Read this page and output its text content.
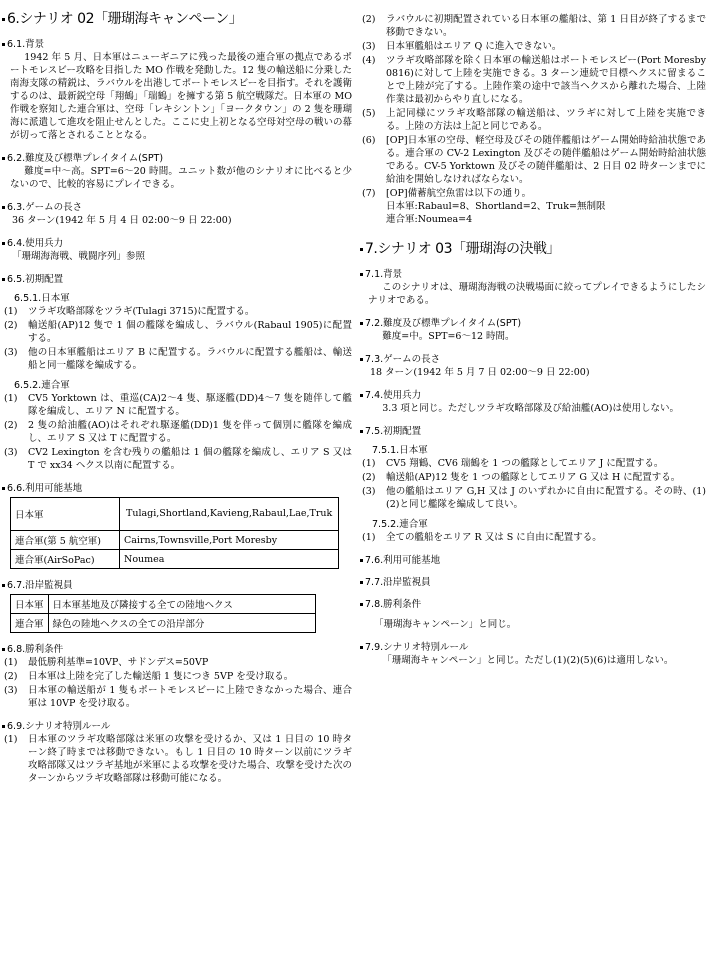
6.シナリオ 02「珊瑚海キャンペーン」
6.1.背景

1942 年 5 月、日本軍はニューギニアに残った最後の連合軍の拠点であるポートモレスビー攻略を目指した MO 作戦を発動した。12 隻の輸送船に分乗した南海支隊の精鋭は、ラバウルを出港してポートモレスビーを目指す。それを護衛するのは、最新鋭空母「翔鶴」「瑞鶴」を擁する第 5 航空戦隊だ。日本軍の MO 作戦を察知した連合軍は、空母「レキシントン」「ヨークタウン」の 2 隻を珊瑚海に派遣して進攻を阻止せんとした。ここに史上初となる空母対空母の戦いの幕が切って落とされることとなる。

6.2.難度及び標準プレイタイム(SPT)

難度=中～高。SPT=6～20 時間。ユニット数が他のシナリオに比べると少ないので、比較的容易にプレイできる。

6.3.ゲームの長さ

36 ターン(1942 年 5 月 4 日 02:00～9 日 22:00)

6.4.使用兵力

「珊瑚海海戦、戦闘序列」参照

6.5.初期配置
6.5.1.日本軍
(1) ツラギ攻略部隊をツラギ(Tulagi 3715)に配置する。
(2) 輸送船(AP)12 隻で 1 個の艦隊を編成し、ラバウル(Rabaul 1905)に配置する。
(3) 他の日本軍艦船はエリア B に配置する。ラバウルに配置する艦船は、輸送船と同一艦隊を編成する。
6.5.2.連合軍
(1) CV5 Yorktown は、重巡(CA)2～4 隻、駆逐艦(DD)4～7 隻を随伴して艦隊を編成し、エリア N に配置する。
(2) 2 隻の給油艦(AO)はそれぞれ駆逐艦(DD)1 隻を伴って個別に艦隊を編成し、エリア S 又は T に配置する。
(3) CV2 Lexington を含む残りの艦船は 1 個の艦隊を編成し、エリア S 又は T で xx34 ヘクス以南に配置する。
6.6.利用可能基地
日本軍	Tulagi,Shortland,Kavieng,Rabaul,Lae,Truk
連合軍(第 5 航空軍)	Cairns,Townsville,Port Moresby
連合軍(AirSoPac)	Noumea
6.7.沿岸監視員
日本軍	日本軍基地及び隣接する全ての陸地ヘクス
連合軍	緑色の陸地ヘクスの全ての沿岸部分
6.8.勝利条件
(1) 最低勝利基準=10VP、サドンデス=50VP
(2) 日本軍は上陸を完了した輸送船 1 隻につき 5VP を受け取る。
(3) 日本軍の輸送船が 1 隻もポートモレスビーに上陸できなかった場合、連合軍は 10VP を受け取る。
6.9.シナリオ特別ルール
(1) 日本軍のツラギ攻略部隊は米軍の攻撃を受けるか、又は 1 日目の 10 時ターン終了時までは移動できない。もし 1 日目の 10 時ターン以前にツラギ攻略部隊又はツラギ基地が米軍による攻撃を受けた場合、攻撃を受けた次のターンからツラギ攻略部隊は移動可能になる。
(2) ラバウルに初期配置されている日本軍の艦船は、第 1 日目が終了するまで移動できない。
(3) 日本軍艦船はエリア Q に進入できない。
(4) ツラギ攻略部隊を除く日本軍の輸送船はポートモレスビー(Port Moresby 0816)に対して上陸を実施できる。3 ターン連続で目標ヘクスに留まることで上陸が完了する。上陸作業の途中で該当ヘクスから離れた場合、上陸作業は最初からやり直しになる。
(5) 上記同様にツラギ攻略部隊の輸送船は、ツラギに対して上陸を実施できる。上陸の方法は上記と同じである。
(6) [OP]日本軍の空母、軽空母及びその随伴艦船はゲーム開始時給油状態である。連合軍の CV-2 Lexington 及びその随伴艦船はゲーム開始時給油状態である。CV-5 Yorktown 及びその随伴艦船は、2 日目 02 時ターンまでに給油を開始しなければならない。
(7) [OP]備蓄航空魚雷は以下の通り。
日本軍:Rabaul=8、Shortland=2、Truk=無制限
連合軍:Noumea=4
7.シナリオ 03「珊瑚海の決戦」
7.1.背景

このシナリオは、珊瑚海海戦の決戦場面に絞ってプレイできるようにしたシナリオである。

7.2.難度及び標準プレイタイム(SPT)

難度=中。SPT=6～12 時間。

7.3.ゲームの長さ

18 ターン(1942 年 5 月 7 日 02:00～9 日 22:00)

7.4.使用兵力

3.3 項と同じ。ただしツラギ攻略部隊及び給油艦(AO)は使用しない。

7.5.初期配置
7.5.1.日本軍
(1) CV5 翔鶴、CV6 瑞鶴を 1 つの艦隊としてエリア J に配置する。
(2) 輸送船(AP)12 隻を 1 つの艦隊としてエリア G 又は H に配置する。
(3) 他の艦船はエリア G,H 又は J のいずれかに自由に配置する。その時、(1)(2)と同じ艦隊を編成して良い。
7.5.2.連合軍
(1) 全ての艦船をエリア R 又は S に自由に配置する。
7.6.利用可能基地
7.7.沿岸監視員
7.8.勝利条件

「珊瑚海キャンペーン」と同じ。

7.9.シナリオ特別ルール

「珊瑚海キャンペーン」と同じ。ただし(1)(2)(5)(6)は適用しない。
